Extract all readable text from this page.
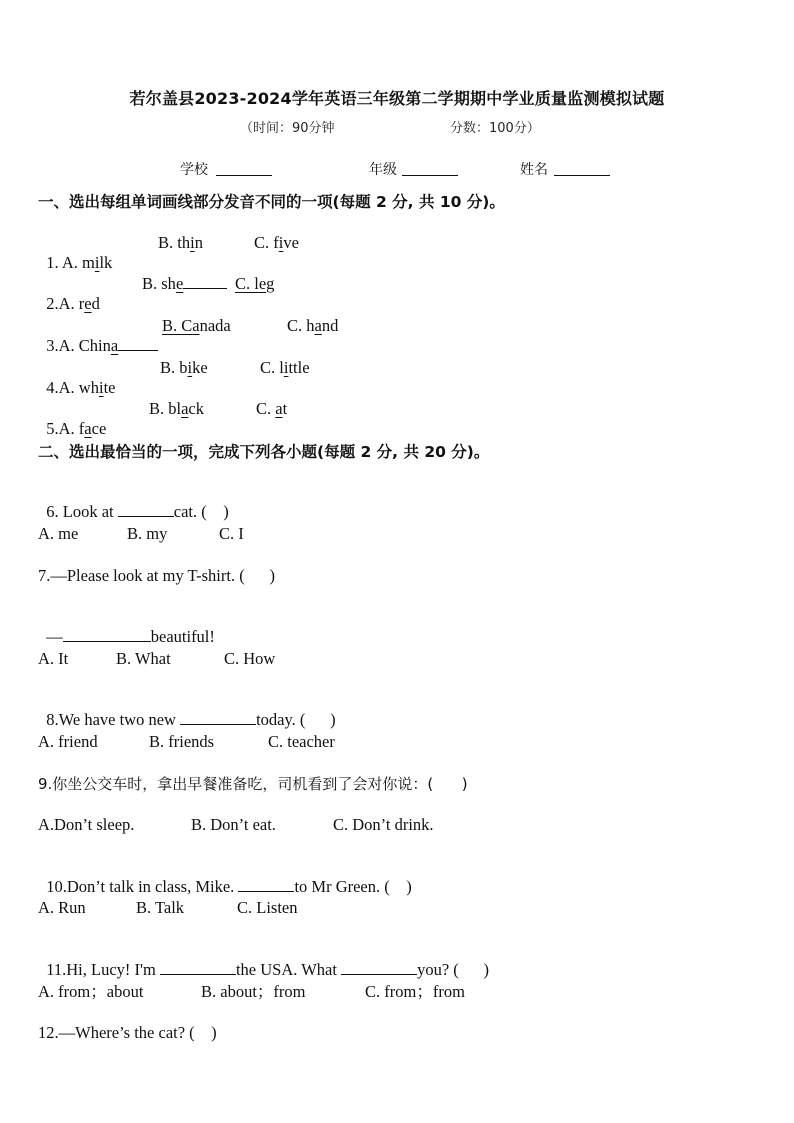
若尔盖县2023-2024学年英语三年级第二学期期中学业质量监测模拟试题
（时间：90分钟	分数：100分）
学校	年级	姓名
一、选出每组单词画线部分发音不同的一项(每题 2 分, 共 10 分)。

1. A. milk

B. thin

	C. five

2.A. red

B. she

	C. leg

3.A. China

B. Canada

	C. hand

4.A. white

B. bike

	C. little

5.A. face

B. black

	C. at

二、选出最恰当的一项，完成下列各小题(每题 2 分, 共 20 分)。

6. Look at	cat. (    )

A. me

	B. my

	C. I

7.—Please look at my T-shirt. (      )

—	beautiful!

A. It

	B. What

	C. How

8.We have two new	today. (      )

A. friend

	B. friends

	C. teacher

9.你坐公交车时，拿出早餐准备吃，司机看到了会对你说：(      )

A.Don’t sleep.

	B. Don’t eat.

	C. Don’t drink.

10.Don’t talk in class, Mike.	to Mr Green. (    )

A. Run

	B. Talk

	C. Listen

11.Hi, Lucy! I'm	the USA. What	you? (      )

A. from；about

	B. about；from

	C. from；from

12.—Where’s the cat? (    )
